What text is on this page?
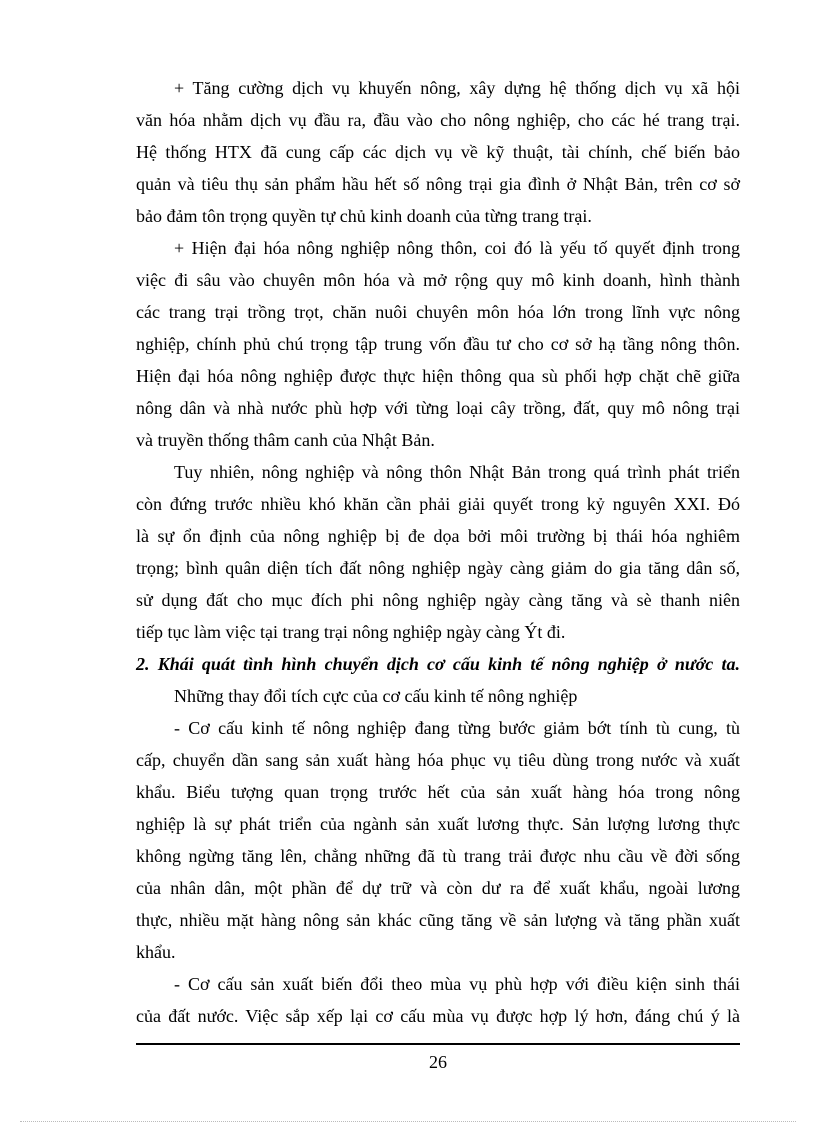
+ Tăng cường dịch vụ khuyến nông, xây dựng hệ thống dịch vụ xã hội
văn hóa nhằm dịch vụ đầu ra, đầu vào cho nông nghiệp, cho các hé trang trại.
Hệ thống HTX đã cung cấp các dịch vụ về kỹ thuật, tài chính, chế biến bảo
quản và tiêu thụ sản phẩm hầu hết số nông trại gia đình ở Nhật Bản, trên cơ sở
bảo đảm tôn trọng quyền tự chủ kinh doanh của từng trang trại.
+ Hiện đại hóa nông nghiệp nông thôn, coi đó là yếu tố quyết định trong
việc đi sâu vào chuyên môn hóa và mở rộng quy mô kinh doanh, hình thành
các trang trại trồng trọt, chăn nuôi chuyên môn hóa lớn trong lĩnh vực nông
nghiệp, chính phủ chú trọng tập trung vốn đầu tư cho cơ sở hạ tầng nông thôn.
Hiện đại hóa nông nghiệp được thực hiện thông qua sù phối hợp chặt chẽ giữa
nông dân và nhà nước phù hợp với từng loại cây trồng, đất, quy mô nông trại
và truyền thống thâm canh của Nhật Bản.
Tuy nhiên, nông nghiệp và nông thôn Nhật Bản trong quá trình phát triển
còn đứng trước nhiều khó khăn cần phải giải quyết trong kỷ nguyên XXI. Đó
là sự ổn định của nông nghiệp bị đe dọa bởi môi trường bị thái hóa nghiêm
trọng; bình quân diện tích đất nông nghiệp ngày càng giảm do gia tăng dân số,
sử dụng đất cho mục đích phi nông nghiệp ngày càng tăng và sè thanh niên
tiếp tục làm việc tại trang trại nông nghiệp ngày càng Ýt đi.
2. Khái quát tình hình chuyển dịch cơ cấu kinh tế nông nghiệp ở nước ta.
Những thay đổi tích cực của cơ cấu kinh tế nông nghiệp
- Cơ cấu kinh tế nông nghiệp đang từng bước giảm bớt tính tù cung, tù
cấp, chuyển dần sang sản xuất hàng hóa phục vụ tiêu dùng trong nước và xuất
khẩu. Biểu tượng quan trọng trước hết của sản xuất hàng hóa trong nông
nghiệp là sự phát triển của ngành sản xuất lương thực. Sản lượng lương thực
không ngừng tăng lên, chẳng những đã tù trang trải được nhu cầu về đời sống
của nhân dân, một phần để dự trữ và còn dư ra để xuất khẩu, ngoài lương
thực, nhiều mặt hàng nông sản khác cũng tăng về sản lượng và tăng phần xuất
khẩu.
- Cơ cấu sản xuất biến đổi theo mùa vụ phù hợp với điều kiện sinh thái
của đất nước. Việc sắp xếp lại cơ cấu mùa vụ được hợp lý hơn, đáng chú ý là
26
